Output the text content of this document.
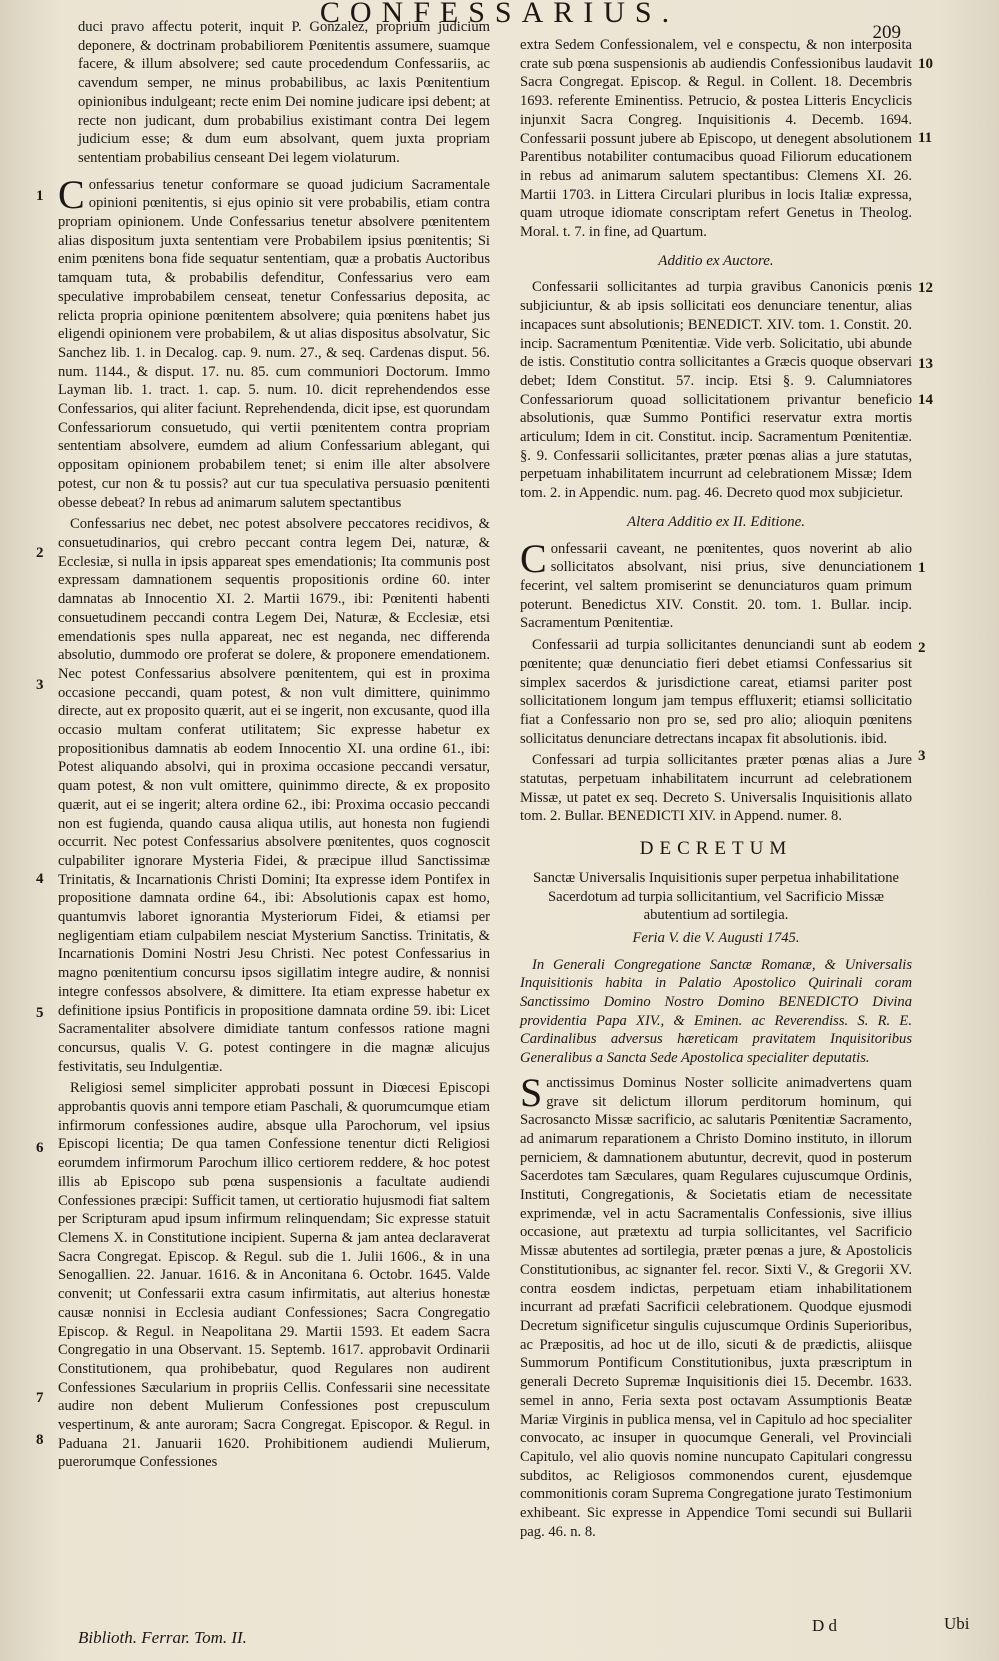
CONFESSARIUS.
209

duci pravo affectu poterit, inquit P. Gonzalez, proprium judicium deponere, & doctrinam probabiliorem Pœnitentis assumere, suamque facere, & illum absolvere; sed caute procedendum Confessariis, ac cavendum semper, ne minus probabilibus, ac laxis Pœnitentium opinionibus indulgeant; recte enim Dei nomine judicare ipsi debent; at recte non judicant, dum probabilius existimant contra Dei legem judicium esse; & dum eum absolvant, quem juxta propriam sententiam probabilius censeant Dei legem violaturum.

C onfessarius tenetur conformare se quoad judicium Sacramentale opinioni pœnitentis, si ejus opinio sit vere probabilis, etiam contra propriam opinionem. Unde Confessarius tenetur absolvere pœnitentem alias dispositum juxta sententiam vere Probabilem ipsius pœnitentis; Si enim pœnitens bona fide sequatur sententiam, quæ a probatis Auctoribus tamquam tuta, & probabilis defenditur, Confessarius vero eam speculative improbabilem censeat, tenetur Confessarius deposita, ac relicta propria opinione pœnitentem absolvere; quia pœnitens habet jus eligendi opinionem vere probabilem, & ut alias dispositus absolvatur, Sic Sanchez lib. 1. in Decalog. cap. 9. num. 27., & seq. Cardenas disput. 56. num. 1144., & disput. 17. nu. 85. cum communiori Doctorum. Immo Layman lib. 1. tract. 1. cap. 5. num. 10. dicit reprehendendos esse Confessarios, qui aliter faciunt. Reprehendenda, dicit ipse, est quorundam Confessariorum consuetudo, qui vertii pœnitentem contra propriam sententiam absolvere, eumdem ad alium Confessarium ablegant, qui oppositam opinionem probabilem tenet; si enim ille alter absolvere potest, cur non & tu possis? aut cur tua speculativa persuasio pœnitenti obesse debeat? In rebus ad animarum salutem spectantibus

Confessarius nec debet, nec potest absolvere peccatores recidivos, & consuetudinarios, qui crebro peccant contra legem Dei, naturæ, & Ecclesiæ, si nulla in ipsis appareat spes emendationis; Ita communis post expressam damnationem sequentis propositionis ordine 60. inter damnatas ab Innocentio XI. 2. Martii 1679., ibi: Pœnitenti habenti consuetudinem peccandi contra Legem Dei, Naturæ, & Ecclesiæ, etsi emendationis spes nulla appareat, nec est neganda, nec differenda absolutio, dummodo ore proferat se dolere, & proponere emendationem. Nec potest Confessarius absolvere pœnitentem, qui est in proxima occasione peccandi, quam potest, & non vult dimittere, quinimmo directe, aut ex proposito quærit, aut ei se ingerit, non excusante, quod illa occasio multam conferat utilitatem; Sic expresse habetur ex propositionibus damnatis ab eodem Innocentio XI. una ordine 61., ibi: Potest aliquando absolvi, qui in proxima occasione peccandi versatur, quam potest, & non vult omittere, quinimmo directe, & ex proposito quærit, aut ei se ingerit; altera ordine 62., ibi: Proxima occasio peccandi non est fugienda, quando causa aliqua utilis, aut honesta non fugiendi occurrit. Nec potest Confessarius absolvere pœnitentes, quos cognoscit culpabiliter ignorare Mysteria Fidei, & præcipue illud Sanctissimæ Trinitatis, & Incarnationis Christi Domini; Ita expresse idem Pontifex in propositione damnata ordine 64., ibi: Absolutionis capax est homo, quantumvis laboret ignorantia Mysteriorum Fidei, & etiamsi per negligentiam etiam culpabilem nesciat Mysterium Sanctiss. Trinitatis, & Incarnationis Domini Nostri Jesu Christi. Nec potest Confessarius in magno pœnitentium concursu ipsos sigillatim integre audire, & nonnisi integre confessos absolvere, & dimittere. Ita etiam expresse habetur ex definitione ipsius Pontificis in propositione damnata ordine 59. ibi: Licet Sacramentaliter absolvere dimidiate tantum confessos ratione magni concursus, qualis V. G. potest contingere in die magnæ alicujus festivitatis, seu Indulgentiæ.

Religiosi semel simpliciter approbati possunt in Diœcesi Episcopi approbantis quovis anni tempore etiam Paschali, & quorumcumque etiam infirmorum confessiones audire, absque ulla Parochorum, vel ipsius Episcopi licentia; De qua tamen Confessione tenentur dicti Religiosi eorumdem infirmorum Parochum illico certiorem reddere, & hoc potest illis ab Episcopo sub pœna suspensionis a facultate audiendi Confessiones præcipi: Sufficit tamen, ut certioratio hujusmodi fiat saltem per Scripturam apud ipsum infirmum relinquendam; Sic expresse statuit Clemens X. in Constitutione incipient. Superna & jam antea declaraverat Sacra Congregat. Episcop. & Regul. sub die 1. Julii 1606., & in una Senogallien. 22. Januar. 1616. & in Anconitana 6. Octobr. 1645. Valde convenit; ut Confessarii extra casum infirmitatis, aut alterius honestæ causæ nonnisi in Ecclesia audiant Confessiones; Sacra Congregatio Episcop. & Regul. in Neapolitana 29. Martii 1593. Et eadem Sacra Congregatio in una Observant. 15. Septemb. 1617. approbavit Ordinarii Constitutionem, qua prohibebatur, quod Regulares non audirent Confessiones Sæcularium in propriis Cellis. Confessarii sine necessitate audire non debent Mulierum Confessiones post crepusculum vespertinum, & ante auroram; Sacra Congregat. Episcopor. & Regul. in Paduana 21. Januarii 1620. Prohibitionem audiendi Mulierum, puerorumque Confessiones

extra Sedem Confessionalem, vel e conspectu, & non interposita crate sub pœna suspensionis ab audiendis Confessionibus laudavit Sacra Congregat. Episcop. & Regul. in Collent. 18. Decembris 1693. referente Eminentiss. Petrucio, & postea Litteris Encyclicis injunxit Sacra Congreg. Inquisitionis 4. Decemb. 1694. Confessarii possunt jubere ab Episcopo, ut denegent absolutionem Parentibus notabiliter contumacibus quoad Filiorum educationem in rebus ad animarum salutem spectantibus: Clemens XI. 26. Martii 1703. in Littera Circulari pluribus in locis Italiæ expressa, quam utroque idiomate conscriptam refert Genetus in Theolog. Moral. t. 7. in fine, ad Quartum.

Additio ex Auctore.

Confessarii sollicitantes ad turpia gravibus Canonicis pœnis subjiciuntur, & ab ipsis sollicitati eos denunciare tenentur, alias incapaces sunt absolutionis; BENEDICT. XIV. tom. 1. Constit. 20. incip. Sacramentum Pœnitentiæ. Vide verb. Solicitatio, ubi abunde de istis. Constitutio contra sollicitantes a Græcis quoque observari debet; Idem Constitut. 57. incip. Etsi §. 9. Calumniatores Confessariorum quoad sollicitationem privantur beneficio absolutionis, quæ Summo Pontifici reservatur extra mortis articulum; Idem in cit. Constitut. incip. Sacramentum Pœnitentiæ. §. 9. Confessarii sollicitantes, præter pœnas alias a jure statutas, perpetuam inhabilitatem incurrunt ad celebrationem Missæ; Idem tom. 2. in Appendic. num. pag. 46. Decreto quod mox subjicietur.

Altera Additio ex II. Editione.

C onfessarii caveant, ne pœnitentes, quos noverint ab alio sollicitatos absolvant, nisi prius, sive denunciationem fecerint, vel saltem promiserint se denunciaturos quam primum poterunt. Benedictus XIV. Constit. 20. tom. 1. Bullar. incip. Sacramentum Pœnitentiæ.

Confessarii ad turpia sollicitantes denunciandi sunt ab eodem pœnitente; quæ denunciatio fieri debet etiamsi Confessarius sit simplex sacerdos & jurisdictione careat, etiamsi pariter post sollicitationem longum jam tempus effluxerit; etiamsi sollicitatio fiat a Confessario non pro se, sed pro alio; alioquin pœnitens sollicitatus denunciare detrectans incapax fit absolutionis. ibid.

Confessari ad turpia sollicitantes præter pœnas alias a Jure statutas, perpetuam inhabilitatem incurrunt ad celebrationem Missæ, ut patet ex seq. Decreto S. Universalis Inquisitionis allato tom. 2. Bullar. BENEDICTI XIV. in Append. numer. 8.

DECRETUM

Sanctæ Universalis Inquisitionis super perpetua inhabilitatione Sacerdotum ad turpia sollicitantium, vel Sacrificio Missæ abutentium ad sortilegia.

Feria V. die V. Augusti 1745.

In Generali Congregatione Sanctæ Romanæ, & Universalis Inquisitionis habita in Palatio Apostolico Quirinali coram Sanctissimo Domino Nostro Domino BENEDICTO Divina providentia Papa XIV., & Eminen. ac Reverendiss. S. R. E. Cardinalibus adversus hæreticam pravitatem Inquisitoribus Generalibus a Sancta Sede Apostolica specialiter deputatis.

S anctissimus Dominus Noster sollicite animadvertens quam grave sit delictum illorum perditorum hominum, qui Sacrosancto Missæ sacrificio, ac salutaris Pœnitentiæ Sacramento, ad animarum reparationem a Christo Domino instituto, in illorum perniciem, & damnationem abutuntur, decrevit, quod in posterum Sacerdotes tam Sæculares, quam Regulares cujuscumque Ordinis, Instituti, Congregationis, & Societatis etiam de necessitate exprimendæ, vel in actu Sacramentalis Confessionis, sive illius occasione, aut prætextu ad turpia sollicitantes, vel Sacrificio Missæ abutentes ad sortilegia, præter pœnas a jure, & Apostolicis Constitutionibus, ac signanter fel. recor. Sixti V., & Gregorii XV. contra eosdem indictas, perpetuam etiam inhabilitationem incurrant ad præfati Sacrificii celebrationem. Quodque ejusmodi Decretum significetur singulis cujuscumque Ordinis Superioribus, ac Præpositis, ad hoc ut de illo, sicuti & de prædictis, aliisque Summorum Pontificum Constitutionibus, juxta præscriptum in generali Decreto Supremæ Inquisitionis diei 15. Decembr. 1633. semel in anno, Feria sexta post octavam Assumptionis Beatæ Mariæ Virginis in publica mensa, vel in Capitulo ad hoc specialiter convocato, ac insuper in quocumque Generali, vel Provinciali Capitulo, vel alio quovis nomine nuncupato Capitulari congressu subditos, ac Religiosos commonendos curent, ejusdemque commonitionis coram Suprema Congregatione jurato Testimonium exhibeant. Sic expresse in Appendice Tomi secundi sui Bullarii pag. 46. n. 8.

1
2
3
4
5
6
7
8
10
11
12
13
14
1
2
3
Biblioth. Ferrar. Tom. II.
D d	Ubi
